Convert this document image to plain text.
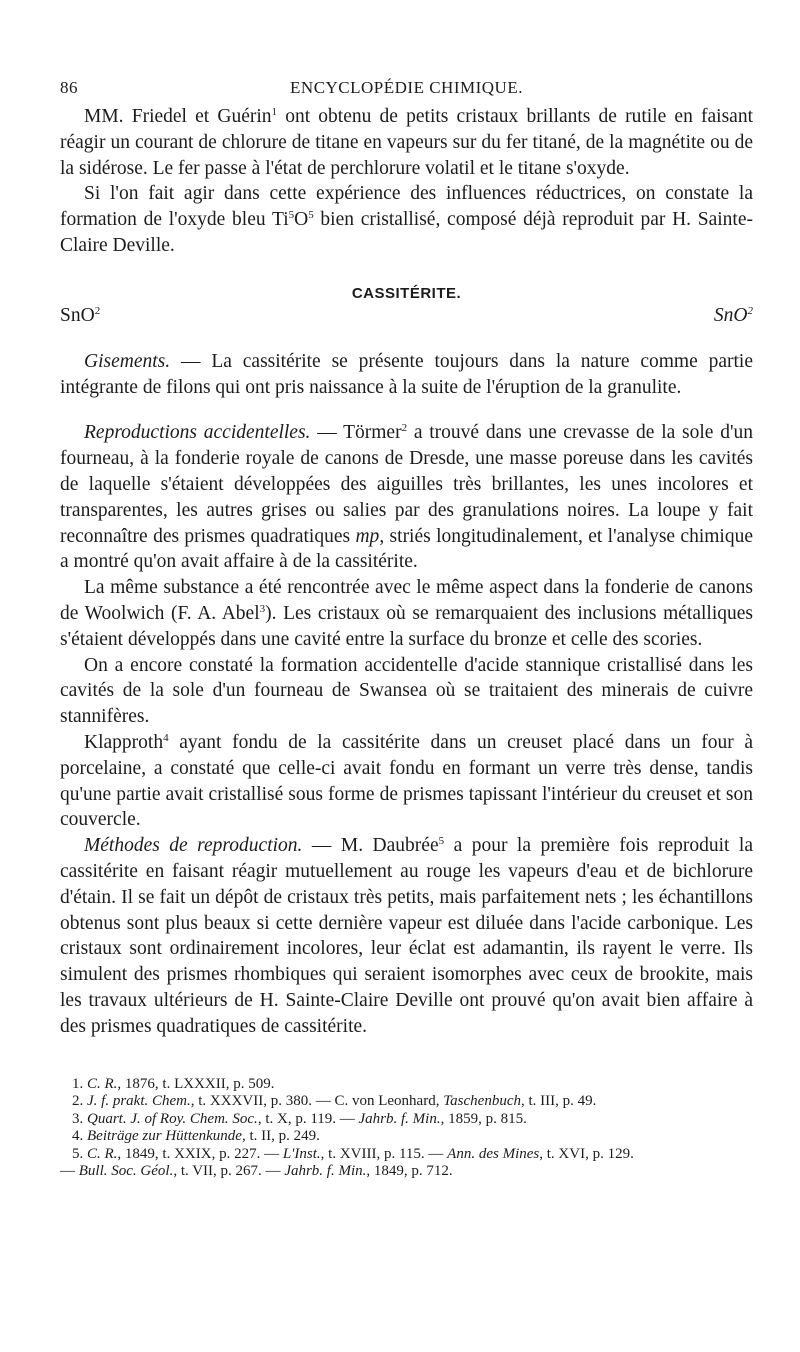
86	ENCYCLOPÉDIE CHIMIQUE.

MM. Friedel et Guérin$^1$ ont obtenu de petits cristaux brillants de rutile en faisant réagir un courant de chlorure de titane en vapeurs sur du fer titané, de la magnétite ou de la sidérose. Le fer passe à l'état de perchlorure volatil et le titane s'oxyde.

Si l'on fait agir dans cette expérience des influences réductrices, on constate la formation de l'oxyde bleu $Ti^5O^5$ bien cristallisé, composé déjà reproduit par H. Sainte-Claire Deville.

CASSITÉRITE.
SnO$^2$	SnO$^2$

Gisements. — La cassitérite se présente toujours dans la nature comme partie intégrante de filons qui ont pris naissance à la suite de l'éruption de la granulite.

Reproductions accidentelles. — Törmer$^2$ a trouvé dans une crevasse de la sole d'un fourneau, à la fonderie royale de canons de Dresde, une masse poreuse dans les cavités de laquelle s'étaient développées des aiguilles très brillantes, les unes incolores et transparentes, les autres grises ou salies par des granulations noires. La loupe y fait reconnaître des prismes quadratiques mp, striés longitudinalement, et l'analyse chimique a montré qu'on avait affaire à de la cassitérite.

La même substance a été rencontrée avec le même aspect dans la fonderie de canons de Woolwich (F. A. Abel$^3$). Les cristaux où se remarquaient des inclusions métalliques s'étaient développés dans une cavité entre la surface du bronze et celle des scories.

On a encore constaté la formation accidentelle d'acide stannique cristallisé dans les cavités de la sole d'un fourneau de Swansea où se traitaient des minerais de cuivre stannifères.

Klapproth$^4$ ayant fondu de la cassitérite dans un creuset placé dans un four à porcelaine, a constaté que celle-ci avait fondu en formant un verre très dense, tandis qu'une partie avait cristallisé sous forme de prismes tapissant l'intérieur du creuset et son couvercle.

Méthodes de reproduction. — M. Daubrée$^5$ a pour la première fois reproduit la cassitérite en faisant réagir mutuellement au rouge les vapeurs d'eau et de bichlorure d'étain. Il se fait un dépôt de cristaux très petits, mais parfaitement nets ; les échantillons obtenus sont plus beaux si cette dernière vapeur est diluée dans l'acide carbonique. Les cristaux sont ordinairement incolores, leur éclat est adamantin, ils rayent le verre. Ils simulent des prismes rhombiques qui seraient isomorphes avec ceux de brookite, mais les travaux ultérieurs de H. Sainte-Claire Deville ont prouvé qu'on avait bien affaire à des prismes quadratiques de cassitérite.

1. C. R., 1876, t. LXXXII, p. 509.
2. J. f. prakt. Chem., t. XXXVII, p. 380. — C. von Leonhard, Taschenbuch, t. III, p. 49.
3. Quart. J. of Roy. Chem. Soc., t. X, p. 119. — Jahrb. f. Min., 1859, p. 815.
4. Beiträge zur Hüttenkunde, t. II, p. 249.
5. C. R., 1849, t. XXIX, p. 227. — L'Inst., t. XVIII, p. 115. — Ann. des Mines, t. XVI, p. 129.
— Bull. Soc. Géol., t. VII, p. 267. — Jahrb. f. Min., 1849, p. 712.
